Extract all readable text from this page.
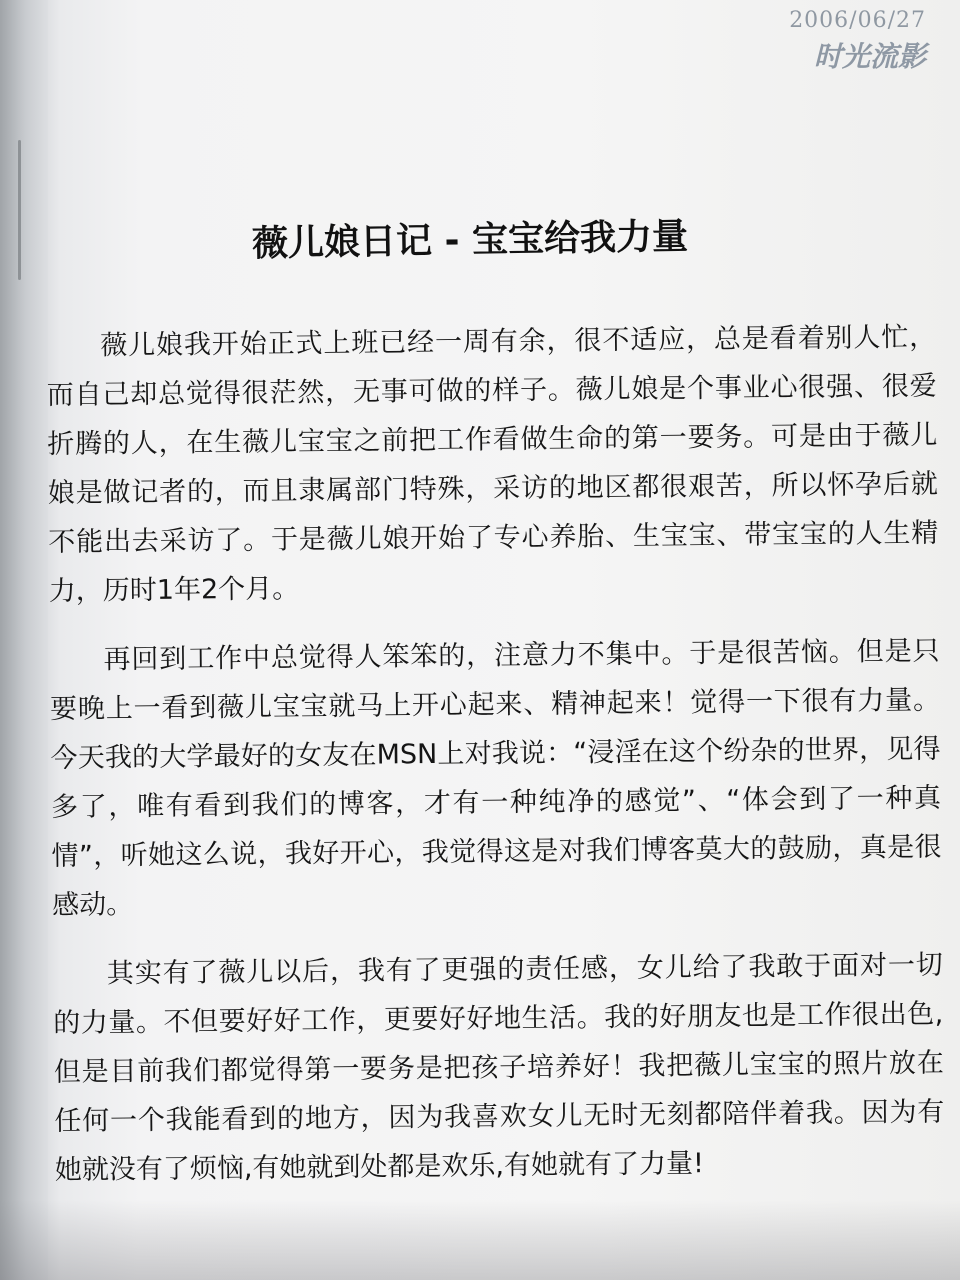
2006/06/27
时光流影
薇儿娘日记 - 宝宝给我力量

薇儿娘我开始正式上班已经一周有余，很不适应，总是看着别人忙，而自己却总觉得很茫然，无事可做的样子。薇儿娘是个事业心很强、很爱折腾的人，在生薇儿宝宝之前把工作看做生命的第一要务。可是由于薇儿娘是做记者的，而且隶属部门特殊，采访的地区都很艰苦，所以怀孕后就不能出去采访了。于是薇儿娘开始了专心养胎、生宝宝、带宝宝的人生精力，历时1年2个月。

再回到工作中总觉得人笨笨的，注意力不集中。于是很苦恼。但是只要晚上一看到薇儿宝宝就马上开心起来、精神起来！觉得一下很有力量。今天我的大学最好的女友在MSN上对我说：“浸淫在这个纷杂的世界，见得多了，唯有看到我们的博客，才有一种纯净的感觉”、“体会到了一种真情”，听她这么说，我好开心，我觉得这是对我们博客莫大的鼓励，真是很感动。

其实有了薇儿以后，我有了更强的责任感，女儿给了我敢于面对一切的力量。不但要好好工作，更要好好地生活。我的好朋友也是工作很出色,但是目前我们都觉得第一要务是把孩子培养好！我把薇儿宝宝的照片放在任何一个我能看到的地方，因为我喜欢女儿无时无刻都陪伴着我。因为有她就没有了烦恼,有她就到处都是欢乐,有她就有了力量!
